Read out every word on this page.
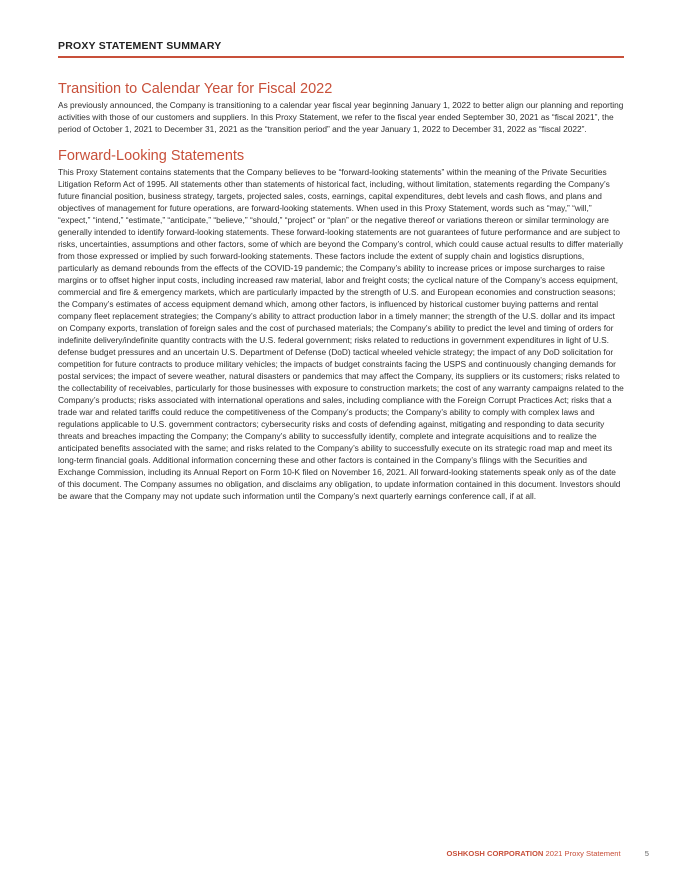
PROXY STATEMENT SUMMARY
Transition to Calendar Year for Fiscal 2022

As previously announced, the Company is transitioning to a calendar year fiscal year beginning January 1, 2022 to better align our planning and reporting activities with those of our customers and suppliers. In this Proxy Statement, we refer to the fiscal year ended September 30, 2021 as “fiscal 2021”, the period of October 1, 2021 to December 31, 2021 as the “transition period” and the year January 1, 2022 to December 31, 2022 as “fiscal 2022”.

Forward-Looking Statements

This Proxy Statement contains statements that the Company believes to be “forward-looking statements” within the meaning of the Private Securities Litigation Reform Act of 1995. All statements other than statements of historical fact, including, without limitation, statements regarding the Company’s future financial position, business strategy, targets, projected sales, costs, earnings, capital expenditures, debt levels and cash flows, and plans and objectives of management for future operations, are forward-looking statements. When used in this Proxy Statement, words such as “may,” “will,” “expect,” “intend,” “estimate,” “anticipate,” “believe,” “should,” “project” or “plan” or the negative thereof or variations thereon or similar terminology are generally intended to identify forward-looking statements. These forward-looking statements are not guarantees of future performance and are subject to risks, uncertainties, assumptions and other factors, some of which are beyond the Company’s control, which could cause actual results to differ materially from those expressed or implied by such forward-looking statements. These factors include the extent of supply chain and logistics disruptions, particularly as demand rebounds from the effects of the COVID-19 pandemic; the Company’s ability to increase prices or impose surcharges to raise margins or to offset higher input costs, including increased raw material, labor and freight costs; the cyclical nature of the Company’s access equipment, commercial and fire & emergency markets, which are particularly impacted by the strength of U.S. and European economies and construction seasons; the Company’s estimates of access equipment demand which, among other factors, is influenced by historical customer buying patterns and rental company fleet replacement strategies; the Company’s ability to attract production labor in a timely manner; the strength of the U.S. dollar and its impact on Company exports, translation of foreign sales and the cost of purchased materials; the Company’s ability to predict the level and timing of orders for indefinite delivery/indefinite quantity contracts with the U.S. federal government; risks related to reductions in government expenditures in light of U.S. defense budget pressures and an uncertain U.S. Department of Defense (DoD) tactical wheeled vehicle strategy; the impact of any DoD solicitation for competition for future contracts to produce military vehicles; the impacts of budget constraints facing the USPS and continuously changing demands for postal services; the impact of severe weather, natural disasters or pandemics that may affect the Company, its suppliers or its customers; risks related to the collectability of receivables, particularly for those businesses with exposure to construction markets; the cost of any warranty campaigns related to the Company’s products; risks associated with international operations and sales, including compliance with the Foreign Corrupt Practices Act; risks that a trade war and related tariffs could reduce the competitiveness of the Company’s products; the Company’s ability to comply with complex laws and regulations applicable to U.S. government contractors; cybersecurity risks and costs of defending against, mitigating and responding to data security threats and breaches impacting the Company; the Company’s ability to successfully identify, complete and integrate acquisitions and to realize the anticipated benefits associated with the same; and risks related to the Company’s ability to successfully execute on its strategic road map and meet its long-term financial goals. Additional information concerning these and other factors is contained in the Company’s filings with the Securities and Exchange Commission, including its Annual Report on Form 10-K filed on November 16, 2021. All forward-looking statements speak only as of the date of this document. The Company assumes no obligation, and disclaims any obligation, to update information contained in this document. Investors should be aware that the Company may not update such information until the Company’s next quarterly earnings conference call, if at all.

OSHKOSH CORPORATION 2021 Proxy Statement	5
